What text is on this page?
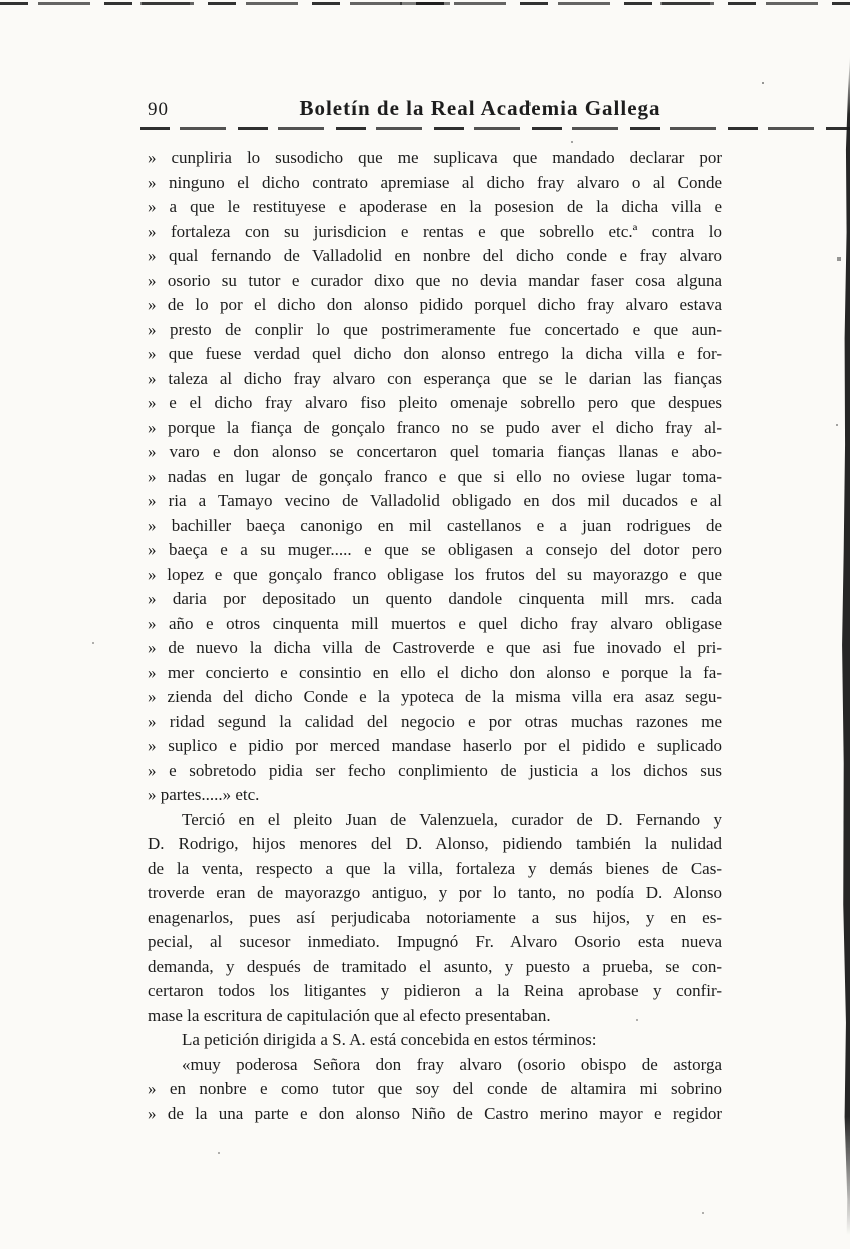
90	Boletín de la Real Academia Gallega
» cunpliria lo susodicho que me suplicava que mandado declarar por
» ninguno el dicho contrato apremiase al dicho fray alvaro o al Conde
» a que le restituyese e apoderase en la posesion de la dicha villa e
» fortaleza con su jurisdicion e rentas e que sobrello etc.ª contra lo
» qual fernando de Valladolid en nonbre del dicho conde e fray alvaro
» osorio su tutor e curador dixo que no devia mandar faser cosa alguna
» de lo por el dicho don alonso pidido porquel dicho fray alvaro estava
» presto de conplir lo que postrimeramente fue concertado e que aun-
» que fuese verdad quel dicho don alonso entrego la dicha villa e for-
» taleza al dicho fray alvaro con esperança que se le darian las fianças
» e el dicho fray alvaro fiso pleito omenaje sobrello pero que despues
» porque la fiança de gonçalo franco no se pudo aver el dicho fray al-
» varo e don alonso se concertaron quel tomaria fianças llanas e abo-
» nadas en lugar de gonçalo franco e que si ello no oviese lugar toma-
» ria a Tamayo vecino de Valladolid obligado en dos mil ducados e al
» bachiller baeça canonigo en mil castellanos e a juan rodrigues de
» baeça e a su muger..... e que se obligasen a consejo del dotor pero
» lopez e que gonçalo franco obligase los frutos del su mayorazgo e que
» daria por depositado un quento dandole cinquenta mill mrs. cada
» año e otros cinquenta mill muertos e quel dicho fray alvaro obligase
» de nuevo la dicha villa de Castroverde e que asi fue inovado el pri-
» mer concierto e consintio en ello el dicho don alonso e porque la fa-
» zienda del dicho Conde e la ypoteca de la misma villa era asaz segu-
» ridad segund la calidad del negocio e por otras muchas razones me
» suplico e pidio por merced mandase haserlo por el pidido e suplicado
» e sobretodo pidia ser fecho conplimiento de justicia a los dichos sus
» partes.....» etc.
Terció en el pleito Juan de Valenzuela, curador de D. Fernando y
D. Rodrigo, hijos menores del D. Alonso, pidiendo también la nulidad
de la venta, respecto a que la villa, fortaleza y demás bienes de Cas-
troverde eran de mayorazgo antiguo, y por lo tanto, no podía D. Alonso
enagenarlos, pues así perjudicaba notoriamente a sus hijos, y en es-
pecial, al sucesor inmediato. Impugnó Fr. Alvaro Osorio esta nueva
demanda, y después de tramitado el asunto, y puesto a prueba, se con-
certaron todos los litigantes y pidieron a la Reina aprobase y confir-
mase la escritura de capitulación que al efecto presentaban.

La petición dirigida a S. A. está concebida en estos términos:

«muy poderosa Señora don fray alvaro (osorio obispo de astorga
» en nonbre e como tutor que soy del conde de altamira mi sobrino
» de la una parte e don alonso Niño de Castro merino mayor e regidor
